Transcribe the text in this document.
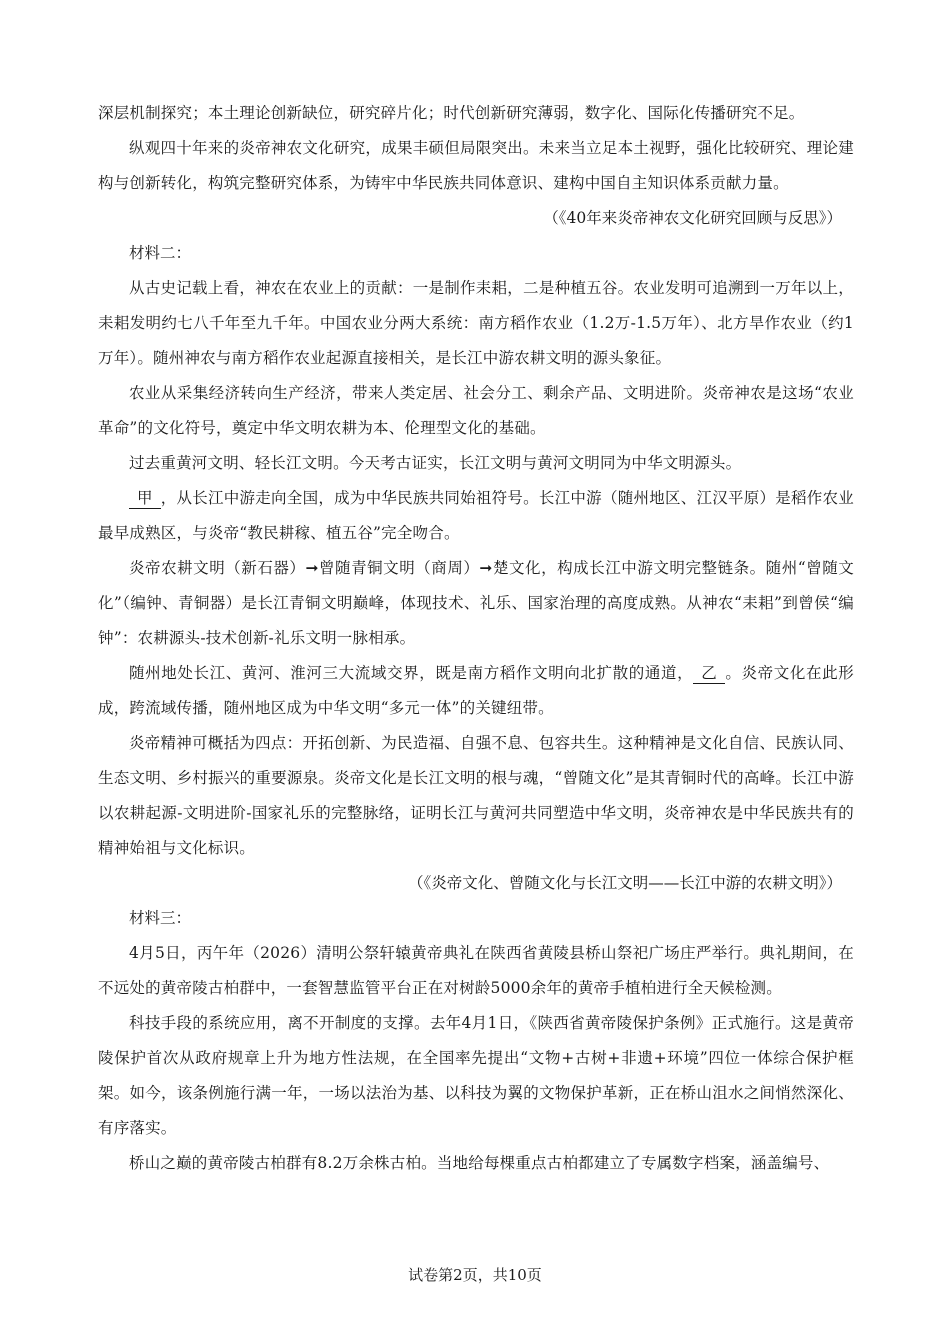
深层机制探究；本土理论创新缺位，研究碎片化；时代创新研究薄弱，数字化、国际化传播研究不足。

纵观四十年来的炎帝神农文化研究，成果丰硕但局限突出。未来当立足本土视野，强化比较研究、理论建构与创新转化，构筑完整研究体系，为铸牢中华民族共同体意识、建构中国自主知识体系贡献力量。

（《40年来炎帝神农文化研究回顾与反思》）

材料二：

从古史记载上看，神农在农业上的贡献：一是制作耒耜，二是种植五谷。农业发明可追溯到一万年以上，耒耜发明约七八千年至九千年。中国农业分两大系统：南方稻作农业（1.2万-1.5万年）、北方旱作农业（约1万年）。随州神农与南方稻作农业起源直接相关，是长江中游农耕文明的源头象征。

农业从采集经济转向生产经济，带来人类定居、社会分工、剩余产品、文明进阶。炎帝神农是这场“农业革命”的文化符号，奠定中华文明农耕为本、伦理型文化的基础。

过去重黄河文明、轻长江文明。今天考古证实，长江文明与黄河文明同为中华文明源头。

甲 ，从长江中游走向全国，成为中华民族共同始祖符号。长江中游（随州地区、江汉平原）是稻作农业最早成熟区，与炎帝“教民耕稼、植五谷”完全吻合。

炎帝农耕文明（新石器）➞曾随青铜文明（商周）➞楚文化，构成长江中游文明完整链条。随州“曾随文化”（编钟、青铜器）是长江青铜文明巅峰，体现技术、礼乐、国家治理的高度成熟。从神农“耒耜”到曾侯“编钟”：农耕源头-技术创新-礼乐文明一脉相承。

随州地处长江、黄河、淮河三大流域交界，既是南方稻作文明向北扩散的通道， 乙 。炎帝文化在此形成，跨流域传播，随州地区成为中华文明“多元一体”的关键纽带。

炎帝精神可概括为四点：开拓创新、为民造福、自强不息、包容共生。这种精神是文化自信、民族认同、生态文明、乡村振兴的重要源泉。炎帝文化是长江文明的根与魂，“曾随文化”是其青铜时代的高峰。长江中游以农耕起源-文明进阶-国家礼乐的完整脉络，证明长江与黄河共同塑造中华文明，炎帝神农是中华民族共有的精神始祖与文化标识。

（《炎帝文化、曾随文化与长江文明——长江中游的农耕文明》）

材料三：

4月5日，丙午年（2026）清明公祭轩辕黄帝典礼在陕西省黄陵县桥山祭祀广场庄严举行。典礼期间，在不远处的黄帝陵古柏群中，一套智慧监管平台正在对树龄5000余年的黄帝手植柏进行全天候检测。

科技手段的系统应用，离不开制度的支撑。去年4月1日，《陕西省黄帝陵保护条例》正式施行。这是黄帝陵保护首次从政府规章上升为地方性法规，在全国率先提出“文物+古树+非遗+环境”四位一体综合保护框架。如今，该条例施行满一年，一场以法治为基、以科技为翼的文物保护革新，正在桥山沮水之间悄然深化、有序落实。

桥山之巅的黄帝陵古柏群有8.2万余株古柏。当地给每棵重点古柏都建立了专属数字档案，涵盖编号、

试卷第2页，共10页
